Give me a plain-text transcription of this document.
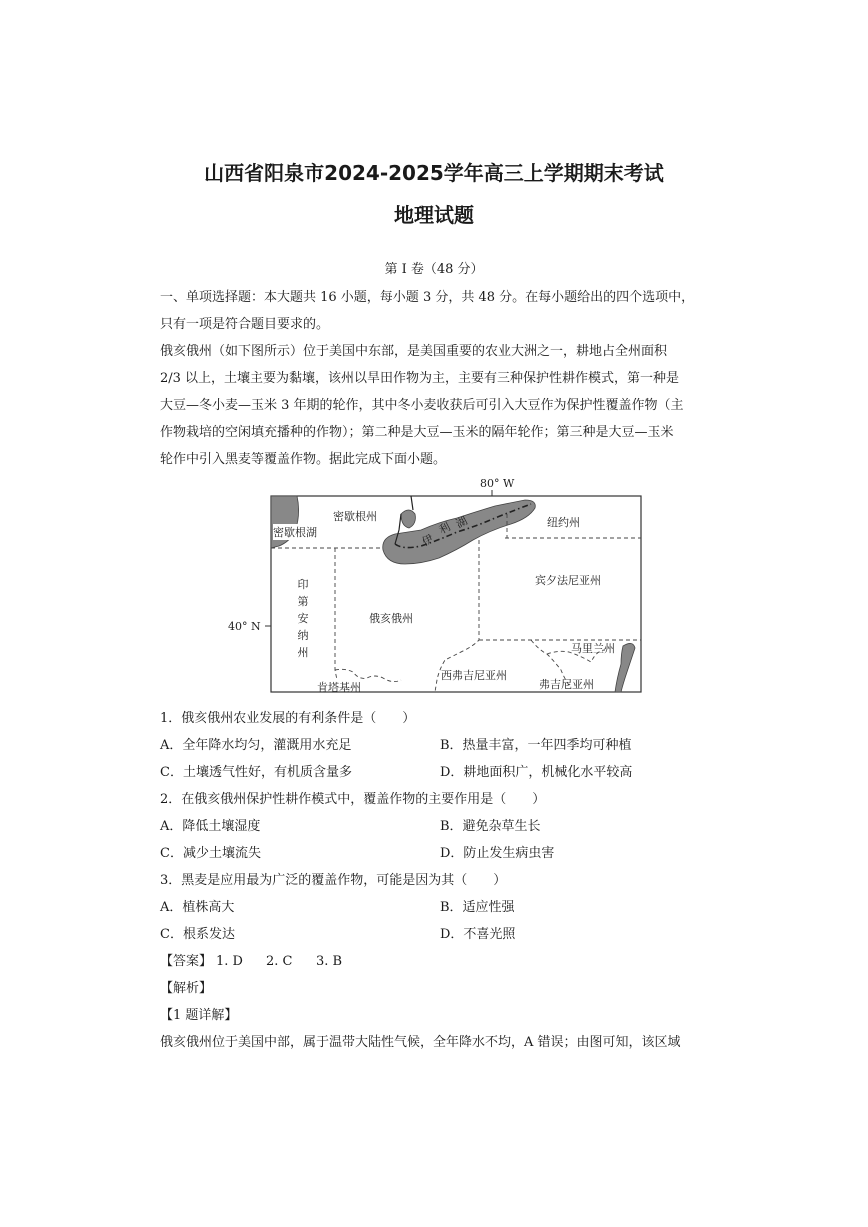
山西省阳泉市2024-2025学年高三上学期期末考试
地理试题
第 I 卷（48 分）
一、单项选择题：本大题共 16 小题，每小题 3 分，共 48 分。在每小题给出的四个选项中，
只有一项是符合题目要求的。
俄亥俄州（如下图所示）位于美国中东部，是美国重要的农业大洲之一，耕地占全州面积
2/3 以上，土壤主要为黏壤，该州以旱田作物为主，主要有三种保护性耕作模式，第一种是
大豆—冬小麦—玉米 3 年期的轮作，其中冬小麦收获后可引入大豆作为保护性覆盖作物（主
作物栽培的空闲填充播种的作物）；第二种是大豆—玉米的隔年轮作；第三种是大豆—玉米
轮作中引入黑麦等覆盖作物。据此完成下面小题。
80° W
40° N
密歇根州
密歇根湖	伊
利 湖	纽约州
宾夕法尼亚州
俄亥俄州
印
第
安
纳
州	马里兰州
西弗吉尼亚州
弗吉尼亚州
肯塔基州
1．俄亥俄州农业发展的有利条件是（　　）
A．全年降水均匀，灌溉用水充足	B．热量丰富，一年四季均可种植
C．土壤透气性好，有机质含量多	D．耕地面积广，机械化水平较高
2．在俄亥俄州保护性耕作模式中，覆盖作物的主要作用是（　　）
A．降低土壤湿度	B．避免杂草生长
C．减少土壤流失	D．防止发生病虫害
3．黑麦是应用最为广泛的覆盖作物，可能是因为其（　　）
A．植株高大	B．适应性强
C．根系发达	D．不喜光照
【答案】 1. D 2. C 3. B
【解析】
【1 题详解】
俄亥俄州位于美国中部，属于温带大陆性气候，全年降水不均，A 错误；由图可知，该区域
